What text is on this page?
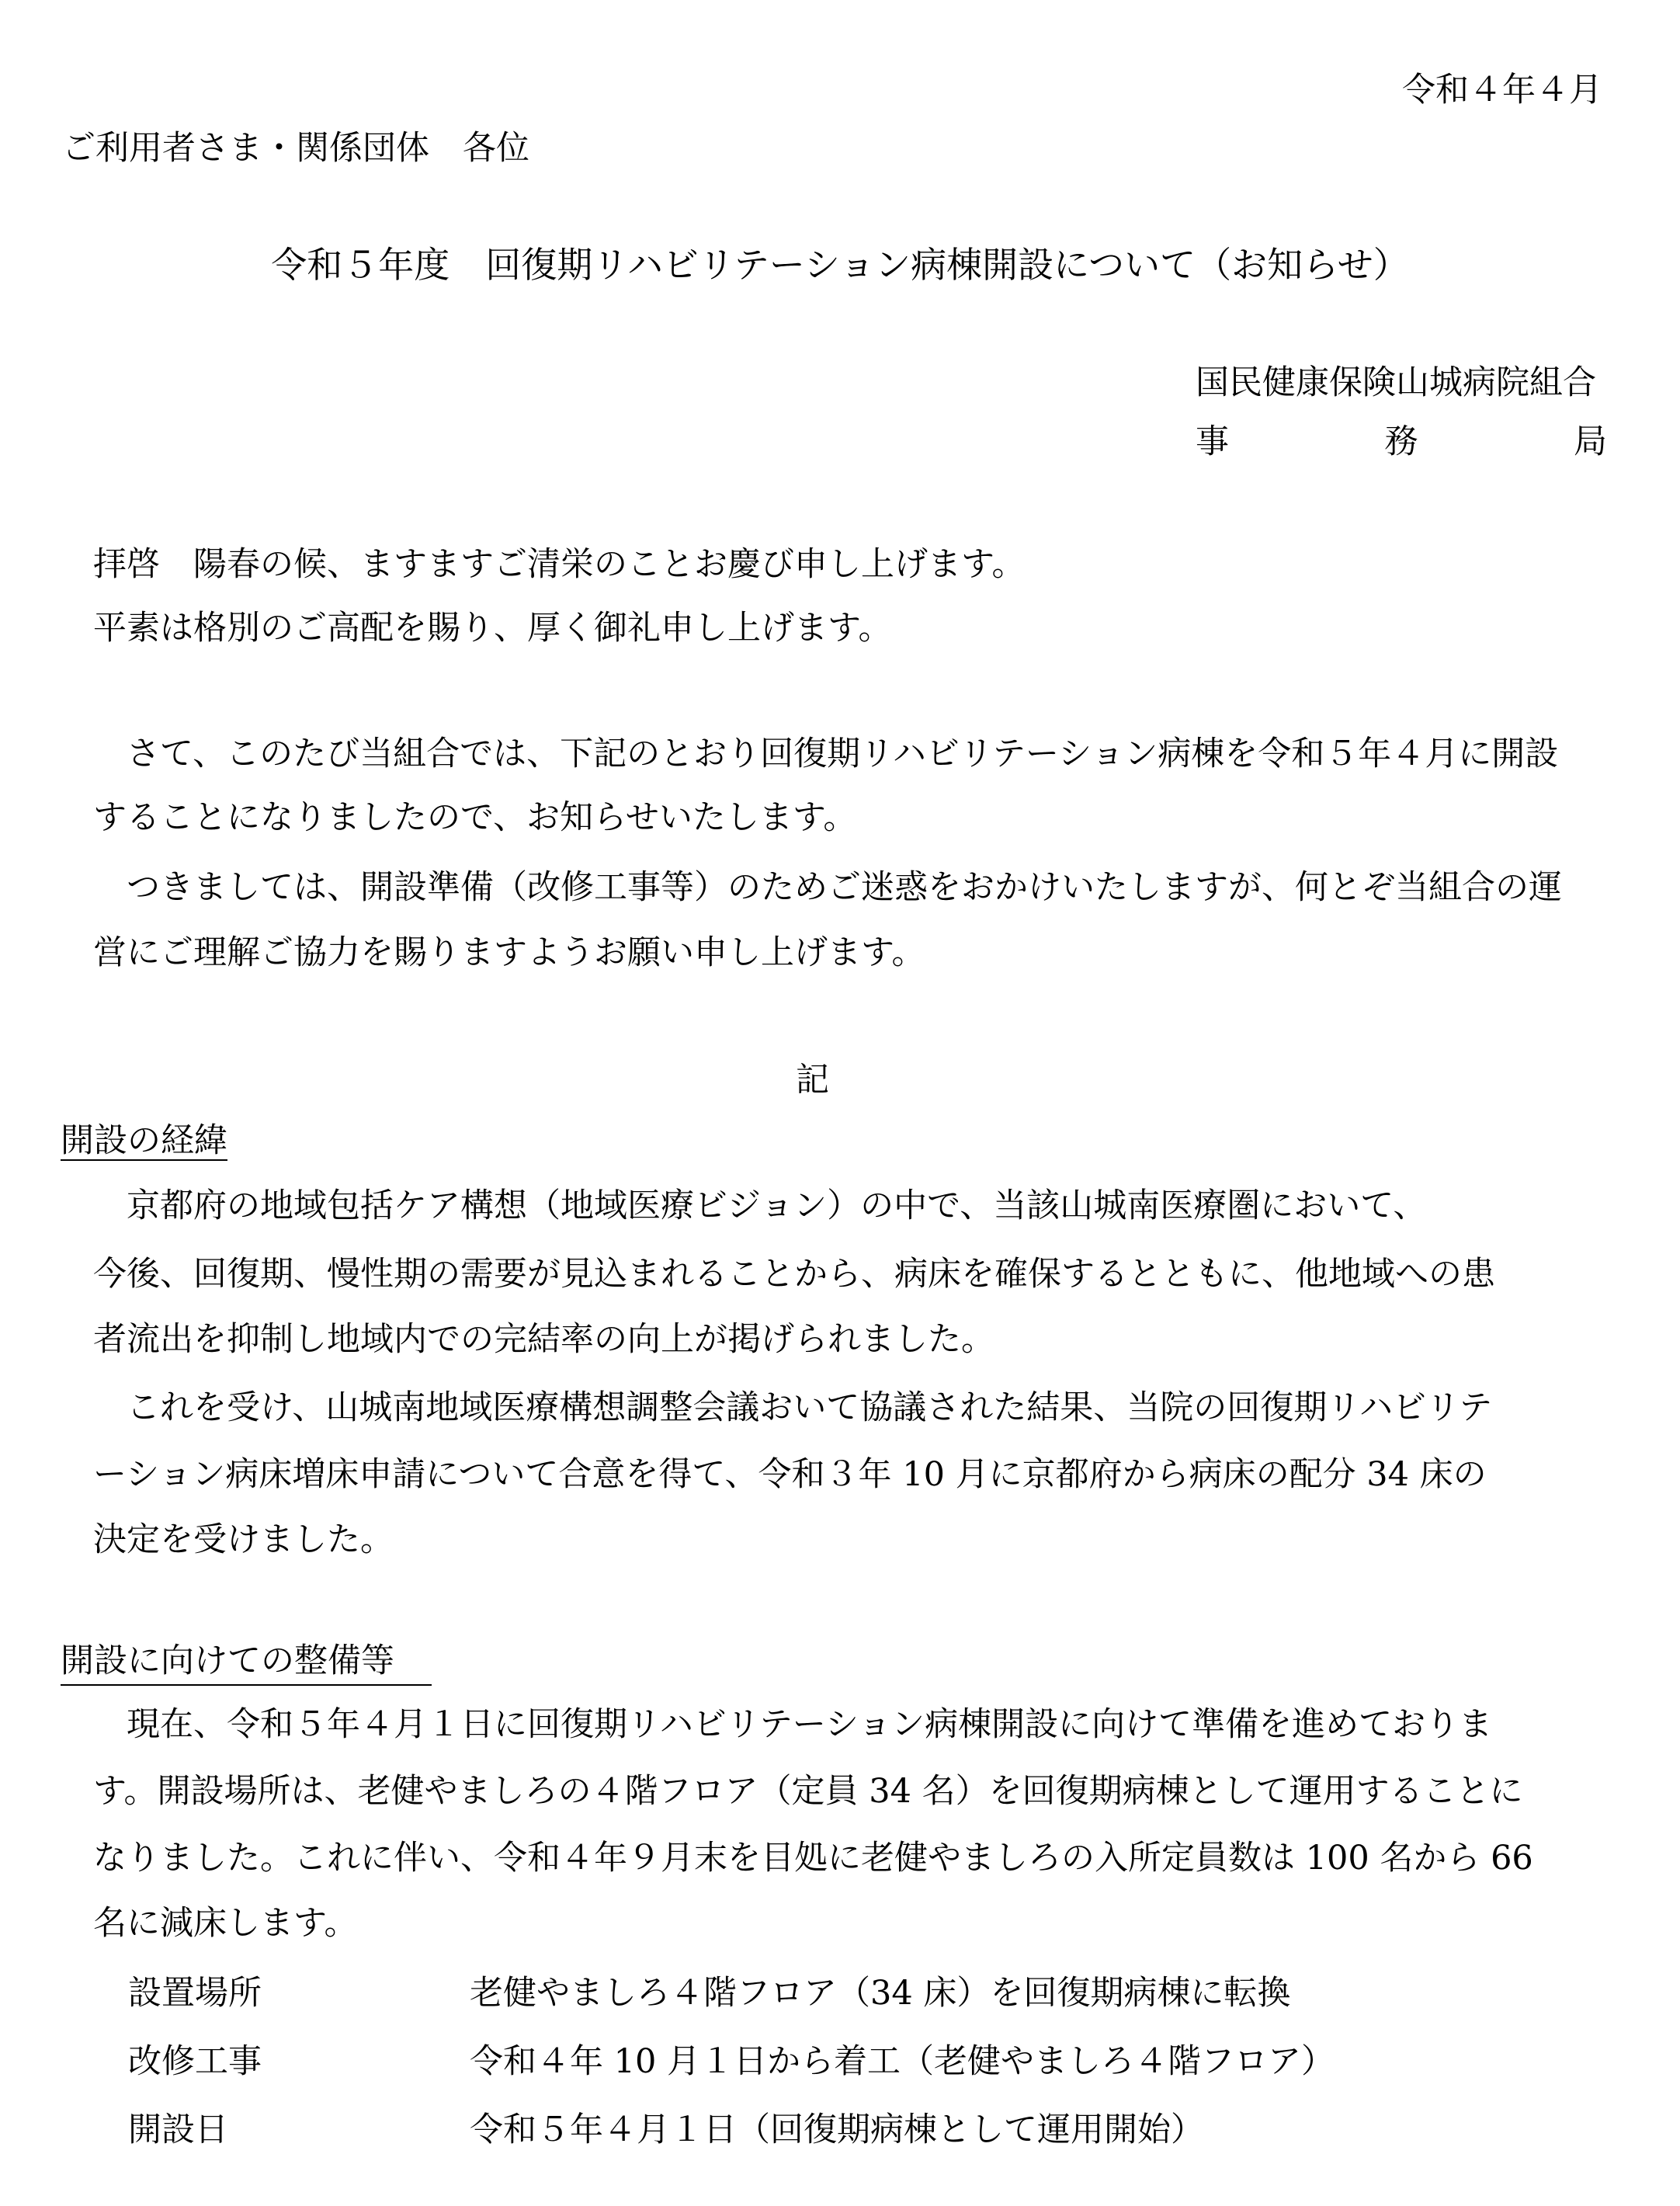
令和４年４月
ご利用者さま・関係団体　各位
令和５年度　回復期リハビリテーション病棟開設について（お知らせ）
国民健康保険山城病院組合
事	務	局
拝啓　陽春の候、ますますご清栄のことお慶び申し上げます。
平素は格別のご高配を賜り、厚く御礼申し上げます。
　さて、このたび当組合では、下記のとおり回復期リハビリテーション病棟を令和５年４月に開設
することになりましたので、お知らせいたします。
　つきましては、開設準備（改修工事等）のためご迷惑をおかけいたしますが、何とぞ当組合の運
営にご理解ご協力を賜りますようお願い申し上げます。
記
開設の経緯
　京都府の地域包括ケア構想（地域医療ビジョン）の中で、当該山城南医療圏において、
今後、回復期、慢性期の需要が見込まれることから、病床を確保するとともに、他地域への患
者流出を抑制し地域内での完結率の向上が掲げられました。
　これを受け、山城南地域医療構想調整会議おいて協議された結果、当院の回復期リハビリテ
ーション病床増床申請について合意を得て、令和３年 10 月に京都府から病床の配分 34 床の
決定を受けました。
開設に向けての整備等
　現在、令和５年４月１日に回復期リハビリテーション病棟開設に向けて準備を進めておりま
す。開設場所は、老健やましろの４階フロア（定員 34 名）を回復期病棟として運用することに
なりました。これに伴い、令和４年９月末を目処に老健やましろの入所定員数は 100 名から 66
名に減床します。
設置場所	老健やましろ４階フロア（34 床）を回復期病棟に転換
改修工事	令和４年 10 月１日から着工（老健やましろ４階フロア）
開設日	令和５年４月１日（回復期病棟として運用開始）
